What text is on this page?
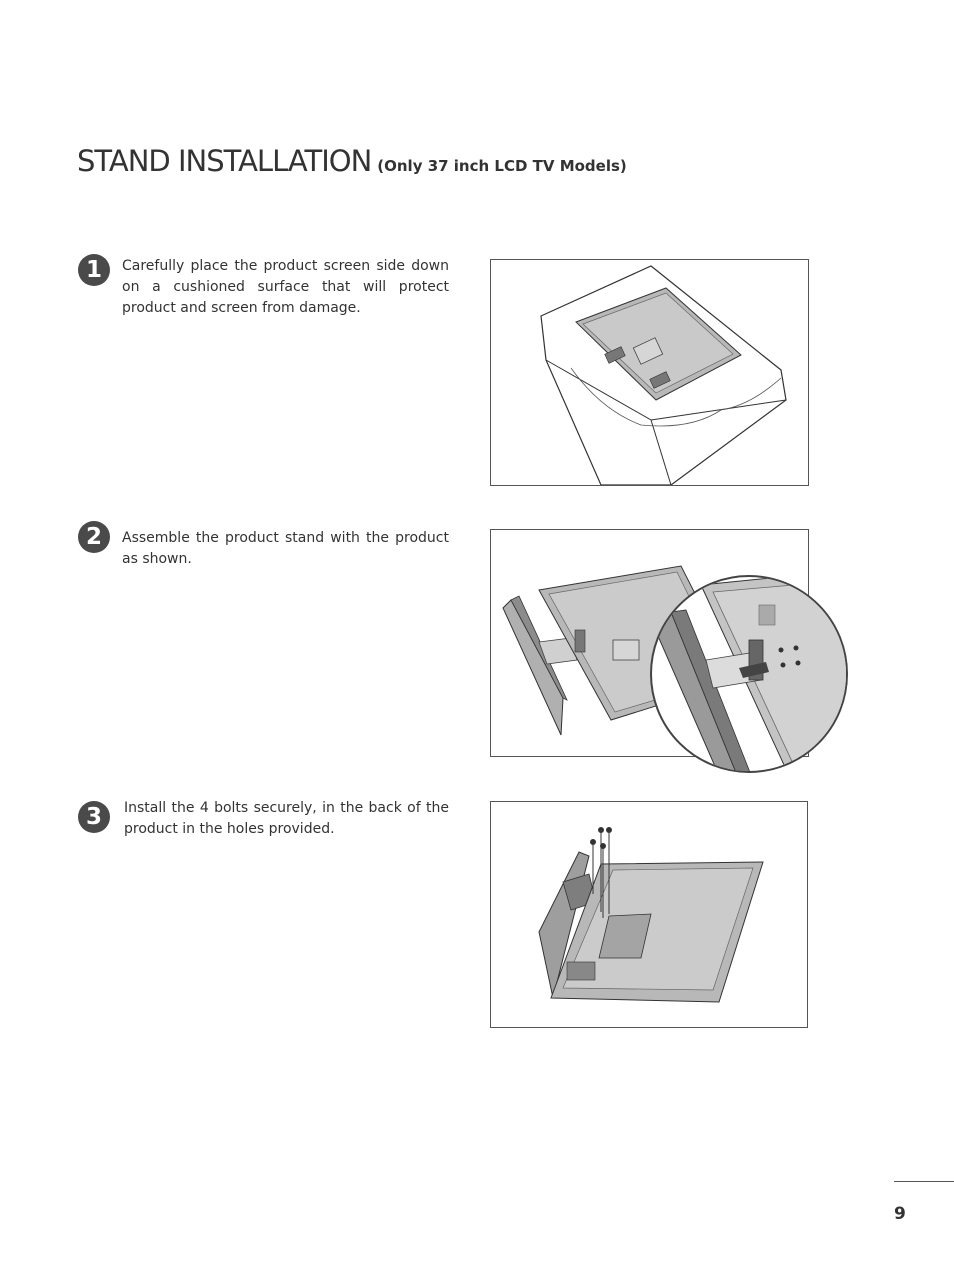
STAND INSTALLATION (Only 37 inch LCD TV Models)
1	Carefully place the product screen side down on a cushioned surface that will protect product and screen from damage.
2	Assemble the product stand with the product as shown.
3	Install the 4 bolts securely, in the back of the product in the holes provided.
9
